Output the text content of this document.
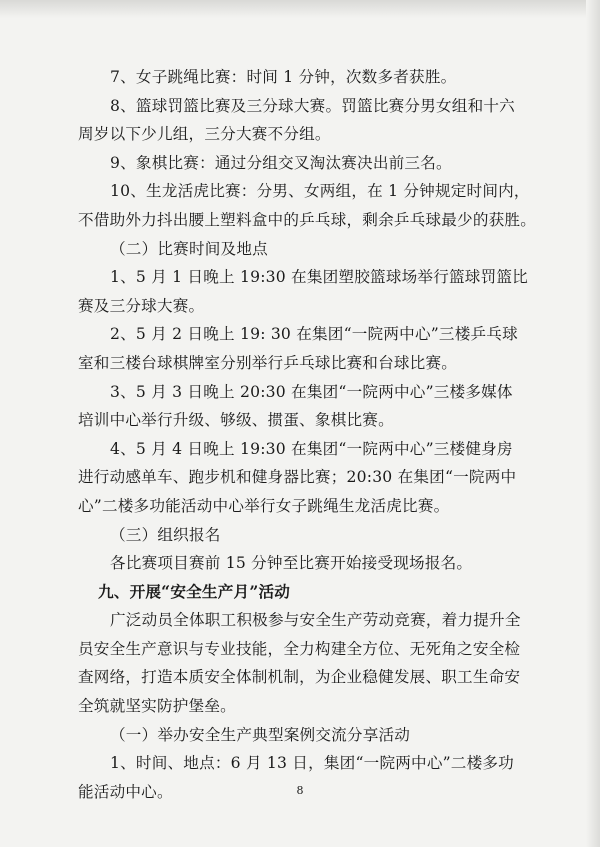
7、女子跳绳比赛：时间 1 分钟，次数多者获胜。
8、篮球罚篮比赛及三分球大赛。罚篮比赛分男女组和十六
周岁以下少儿组，三分大赛不分组。
9、象棋比赛：通过分组交叉淘汰赛决出前三名。
10、生龙活虎比赛：分男、女两组，在 1 分钟规定时间内，
不借助外力抖出腰上塑料盒中的乒乓球，剩余乒乓球最少的获胜。
（二）比赛时间及地点
1、5 月 1 日晚上 19:30 在集团塑胶篮球场举行篮球罚篮比
赛及三分球大赛。
2、5 月 2 日晚上 19: 30 在集团“一院两中心”三楼乒乓球
室和三楼台球棋牌室分别举行乒乓球比赛和台球比赛。
3、5 月 3 日晚上 20:30 在集团“一院两中心”三楼多媒体
培训中心举行升级、够级、掼蛋、象棋比赛。
4、5 月 4 日晚上 19:30 在集团“一院两中心”三楼健身房
进行动感单车、跑步机和健身器比赛；20:30 在集团“一院两中
心”二楼多功能活动中心举行女子跳绳生龙活虎比赛。
（三）组织报名
各比赛项目赛前 15 分钟至比赛开始接受现场报名。
九、开展“安全生产月”活动
广泛动员全体职工积极参与安全生产劳动竞赛，着力提升全
员安全生产意识与专业技能，全力构建全方位、无死角之安全检
查网络，打造本质安全体制机制，为企业稳健发展、职工生命安
全筑就坚实防护堡垒。
（一）举办安全生产典型案例交流分享活动
1、时间、地点：6 月 13 日，集团“一院两中心”二楼多功
能活动中心。	8
